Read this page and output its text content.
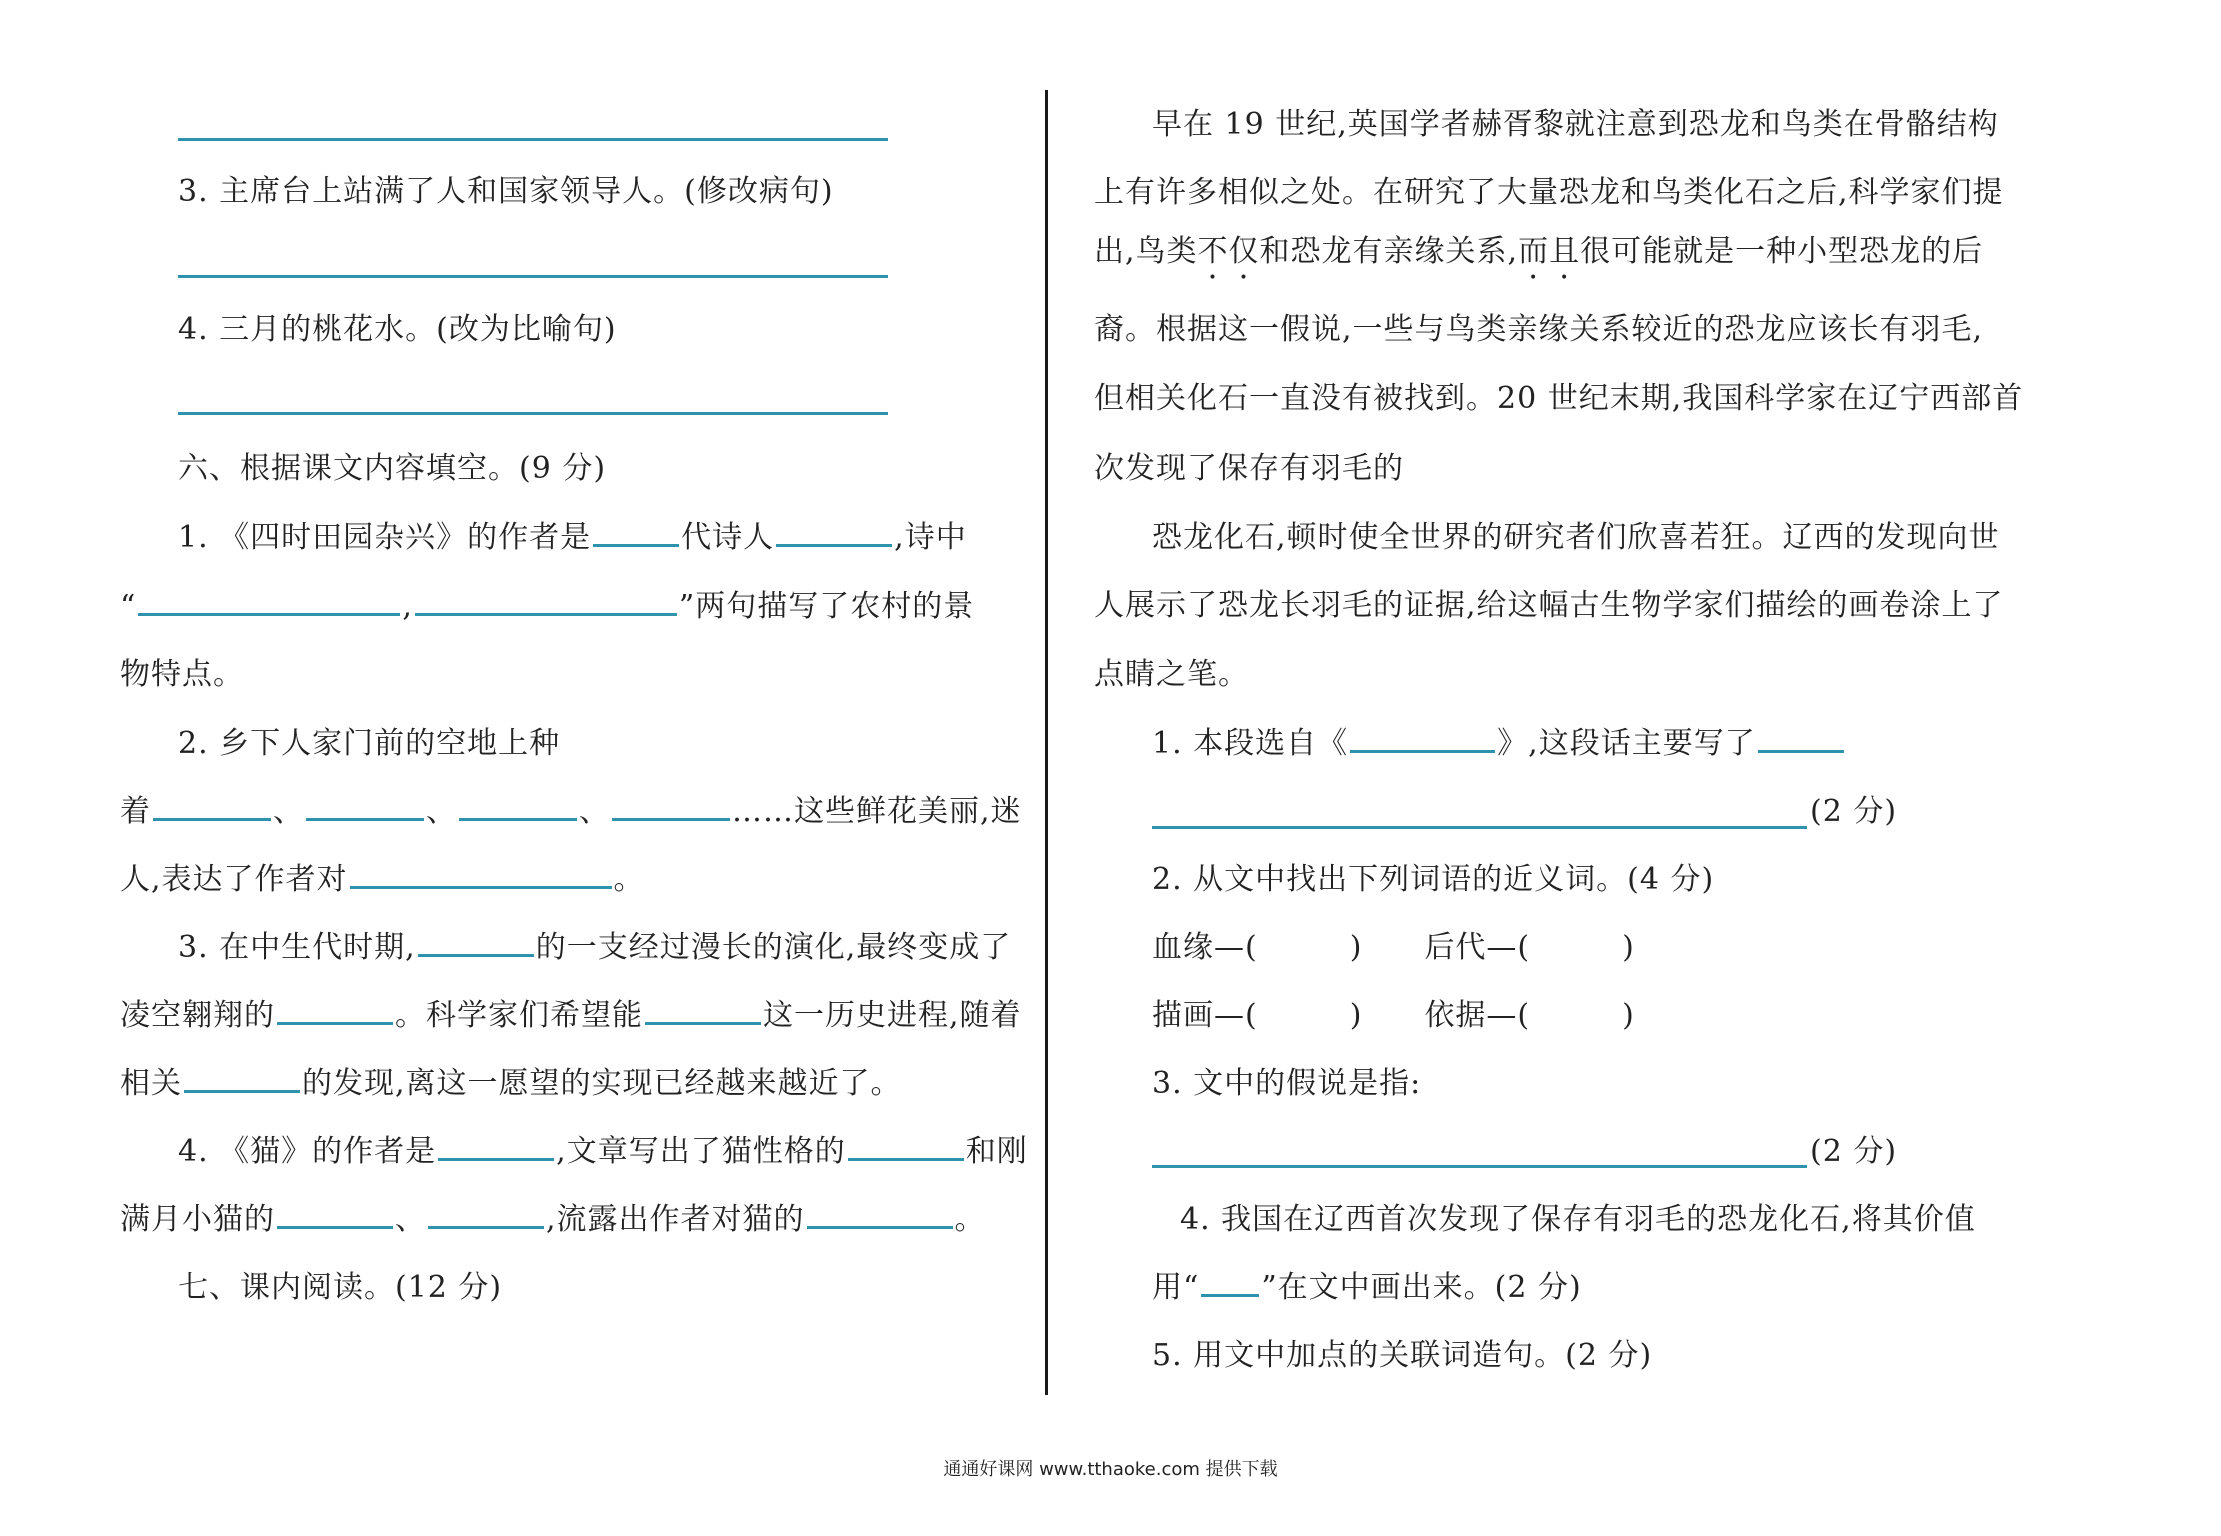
3. 主席台上站满了人和国家领导人。(修改病句)
4. 三月的桃花水。(改为比喻句)
六、根据课文内容填空。(9 分)
1. 《四时田园杂兴》的作者是	代诗人	,诗中
“	,	”两句描写了农村的景
物特点。
2. 乡下人家门前的空地上种
着	、	、	、	……这些鲜花美丽,迷
人,表达了作者对	。
3. 在中生代时期,	的一支经过漫长的演化,最终变成了
凌空翱翔的	。科学家们希望能	这一历史进程,随着
相关	的发现,离这一愿望的实现已经越来越近了。
4. 《猫》的作者是	,文章写出了猫性格的	和刚
满月小猫的	、	,流露出作者对猫的	。
七、课内阅读。(12 分)
早在 19 世纪,英国学者赫胥黎就注意到恐龙和鸟类在骨骼结构
上有许多相似之处。在研究了大量恐龙和鸟类化石之后,科学家们提
出,鸟类不仅和恐龙有亲缘关系,而且很可能就是一种小型恐龙的后
裔。根据这一假说,一些与鸟类亲缘关系较近的恐龙应该长有羽毛,
但相关化石一直没有被找到。20 世纪末期,我国科学家在辽宁西部首
次发现了保存有羽毛的
恐龙化石,顿时使全世界的研究者们欣喜若狂。辽西的发现向世
人展示了恐龙长羽毛的证据,给这幅古生物学家们描绘的画卷涂上了
点睛之笔。
1. 本段选自《	》,这段话主要写了
(2 分)
2. 从文中找出下列词语的近义词。(4 分)
血缘—(	) 后代—(	)
描画—(	) 依据—(	)
3. 文中的假说是指:
(2 分)
4. 我国在辽西首次发现了保存有羽毛的恐龙化石,将其价值
用“ ”在文中画出来。(2 分)
5. 用文中加点的关联词造句。(2 分)
通通好课网 www.tthaoke.com 提供下载
